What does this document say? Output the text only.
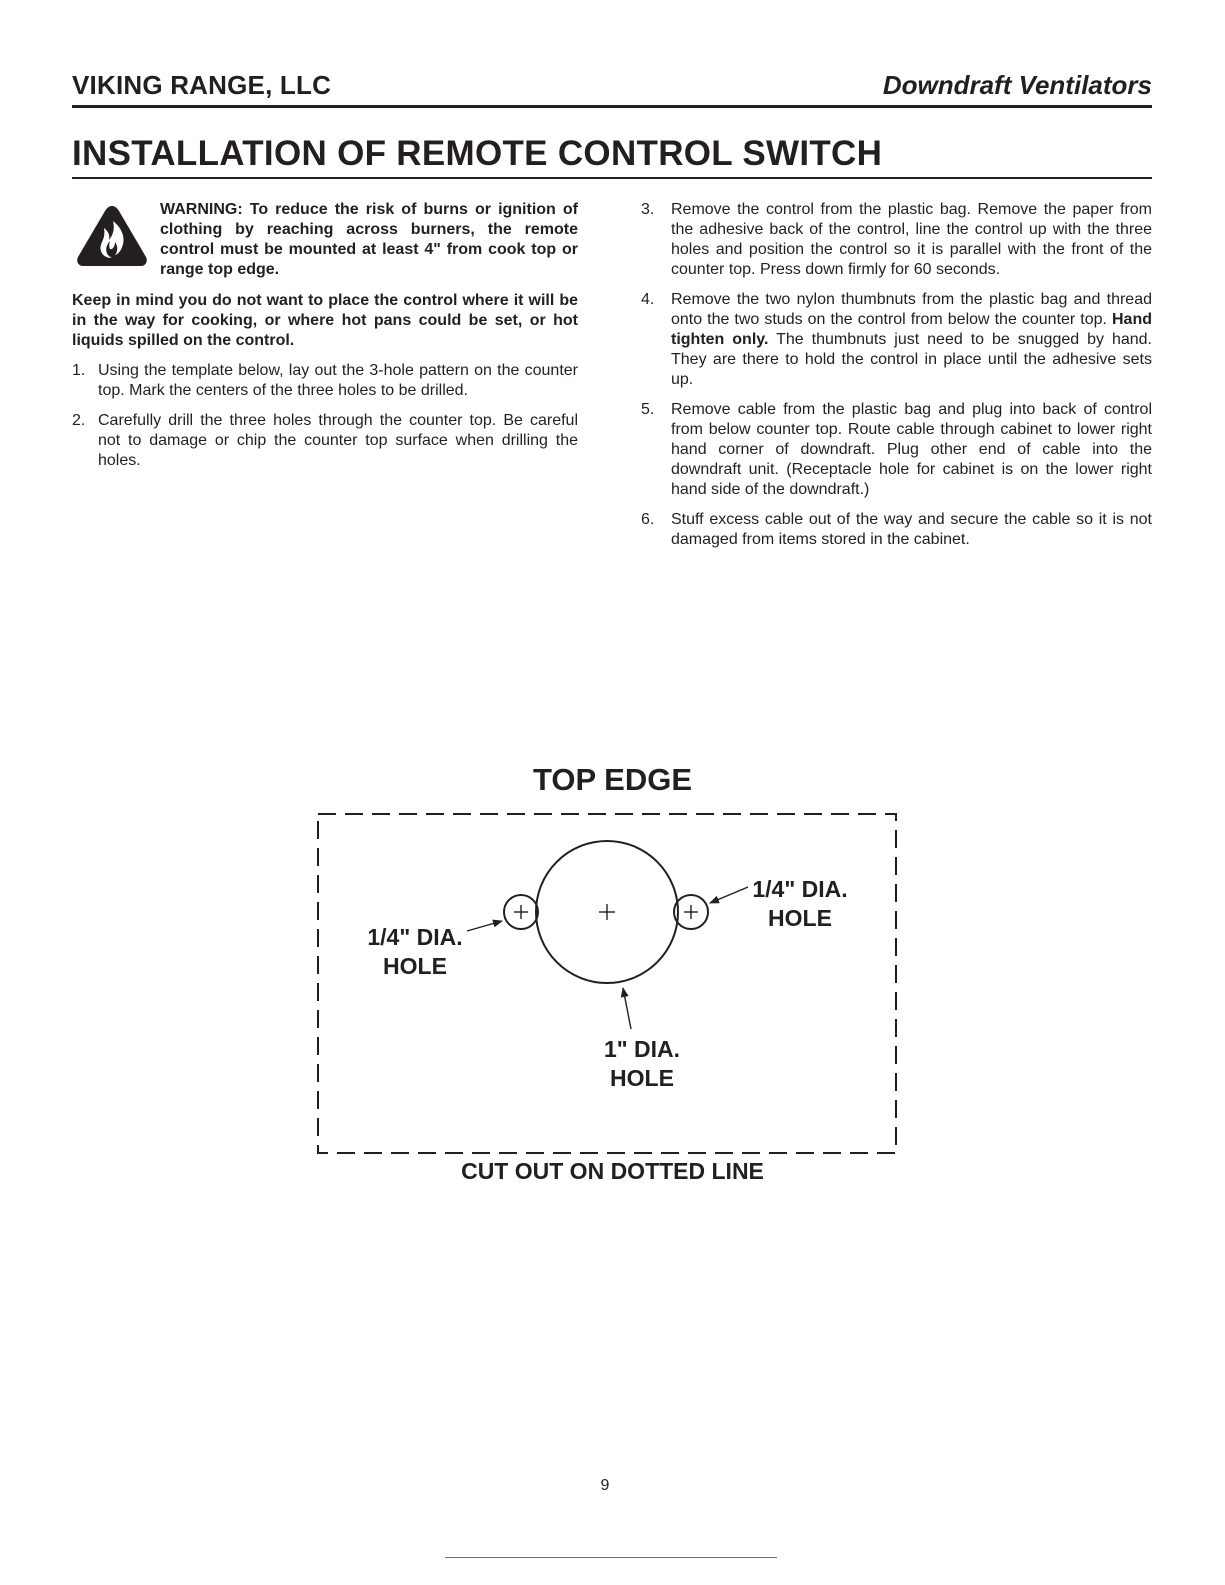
VIKING RANGE, LLC	Downdraft Ventilators
INSTALLATION OF REMOTE CONTROL SWITCH
WARNING: To reduce the risk of burns or ignition of clothing by reaching across burners, the remote control must be mounted at least 4" from cook top or range top edge.
Keep in mind you do not want to place the control where it will be in the way for cooking, or where hot pans could be set, or hot liquids spilled on the control.
1. Using the template below, lay out the 3-hole pattern on the counter top. Mark the centers of the three holes to be drilled.
2. Carefully drill the three holes through the counter top. Be careful not to damage or chip the counter top surface when drilling the holes.
3. Remove the control from the plastic bag. Remove the paper from the adhesive back of the control, line the control up with the three holes and position the control so it is parallel with the front of the counter top. Press down firmly for 60 seconds.
4. Remove the two nylon thumbnuts from the plastic bag and thread onto the two studs on the control from below the counter top. Hand tighten only. The thumbnuts just need to be snugged by hand. They are there to hold the control in place until the adhesive sets up.
5. Remove cable from the plastic bag and plug into back of control from below counter top. Route cable through cabinet to lower right hand corner of downdraft. Plug other end of cable into the downdraft unit. (Receptacle hole for cabinet is on the lower right hand side of the downdraft.)
6. Stuff excess cable out of the way and secure the cable so it is not damaged from items stored in the cabinet.
TOP EDGE
1/4" DIA.
HOLE
1/4" DIA.
HOLE
1" DIA.
HOLE
CUT OUT ON DOTTED LINE
9
